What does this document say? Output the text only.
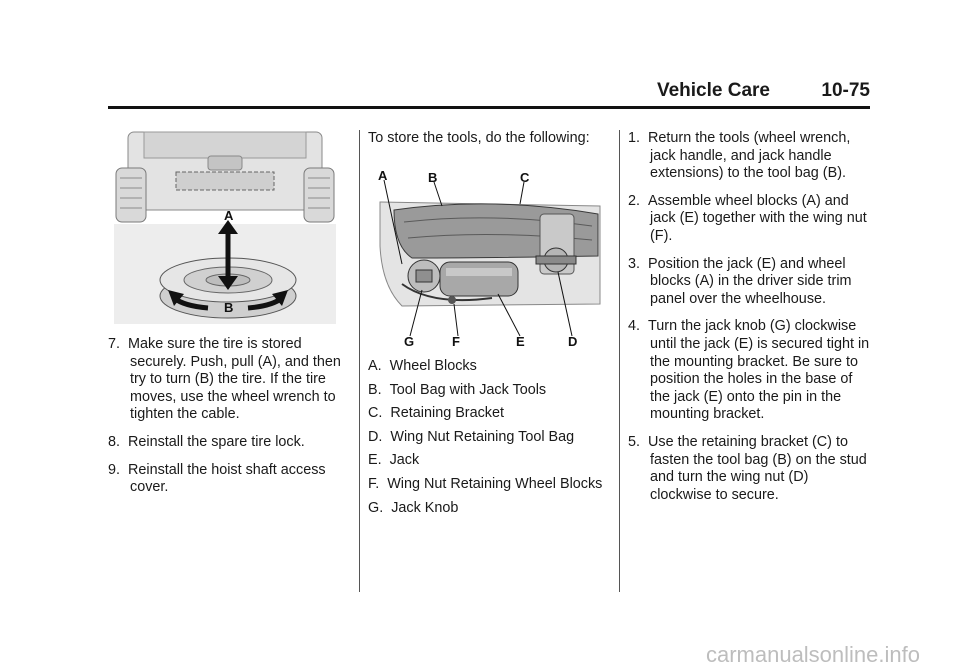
Vehicle Care	10-75
A
B

7. Make sure the tire is stored securely. Push, pull (A), and then try to turn (B) the tire. If the tire moves, use the wheel wrench to tighten the cable.

8. Reinstall the spare tire lock.

9. Reinstall the hoist shaft access cover.

To store the tools, do the following:

A	B	C
D
E
F
G

A. Wheel Blocks

B. Tool Bag with Jack Tools

C. Retaining Bracket

D. Wing Nut Retaining Tool Bag

E. Jack

F. Wing Nut Retaining Wheel Blocks

G. Jack Knob

1. Return the tools (wheel wrench, jack handle, and jack handle extensions) to the tool bag (B).

2. Assemble wheel blocks (A) and jack (E) together with the wing nut (F).

3. Position the jack (E) and wheel blocks (A) in the driver side trim panel over the wheelhouse.

4. Turn the jack knob (G) clockwise until the jack (E) is secured tight in the mounting bracket. Be sure to position the holes in the base of the jack (E) onto the pin in the mounting bracket.

5. Use the retaining bracket (C) to fasten the tool bag (B) on the stud and turn the wing nut (D) clockwise to secure.

carmanualsonline.info
